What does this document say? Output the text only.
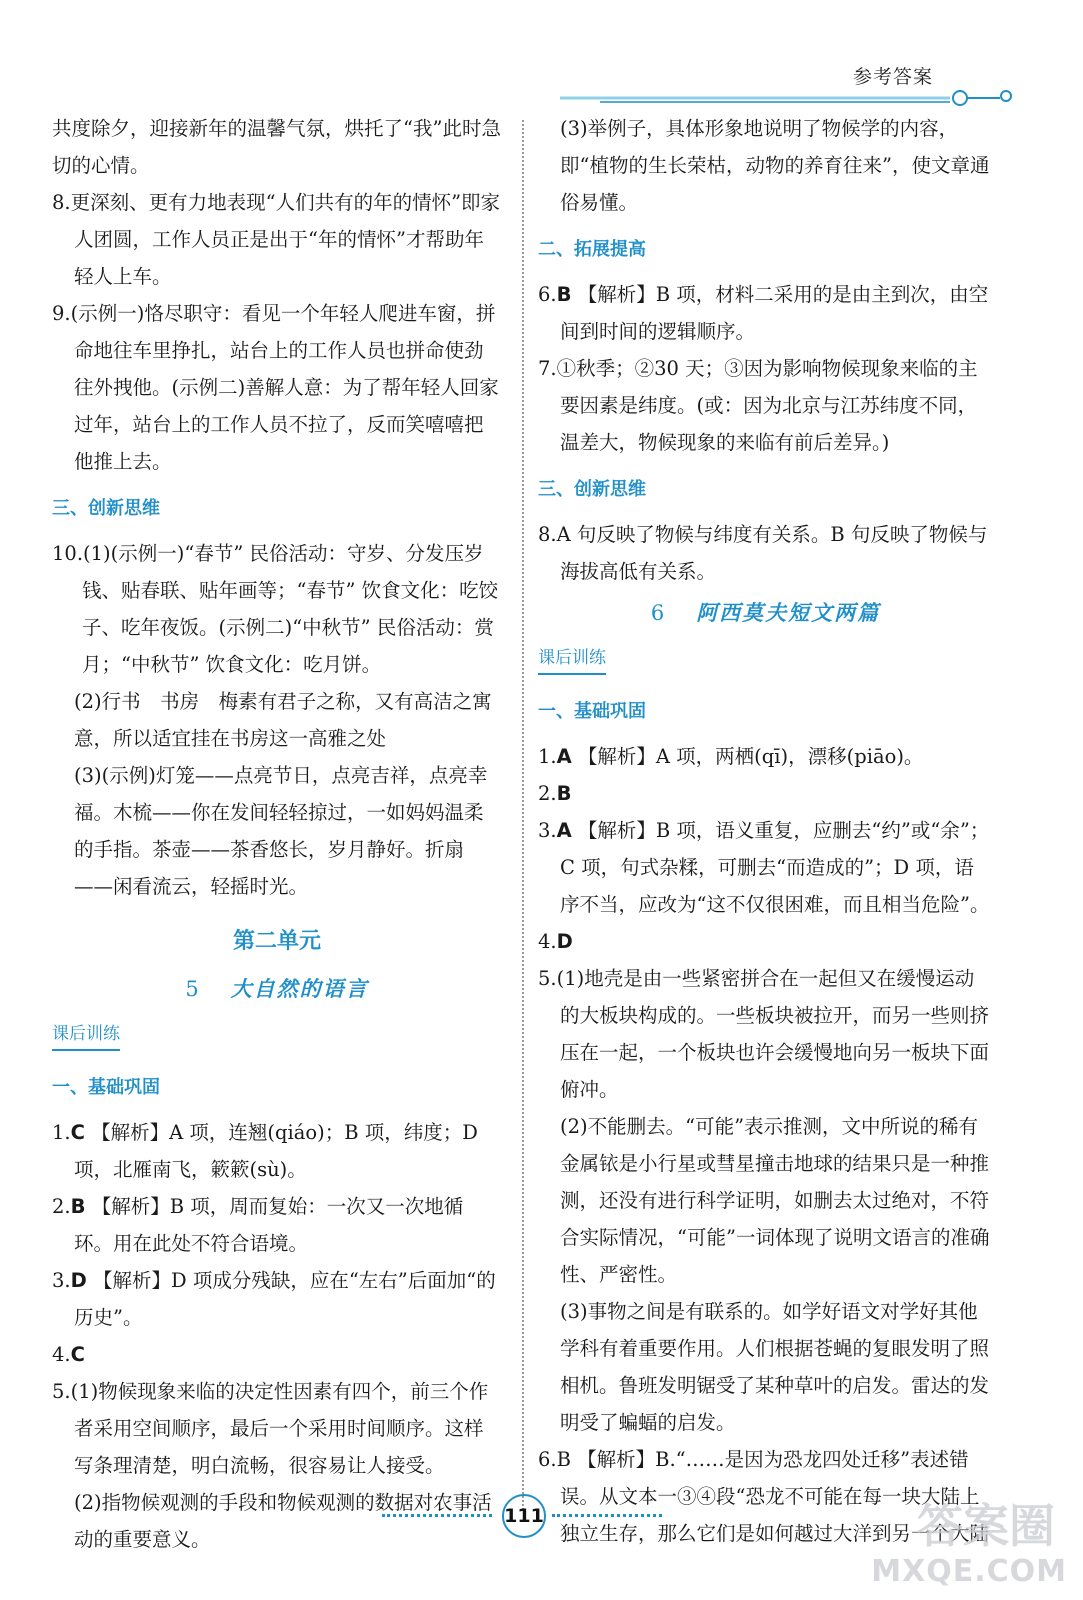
参考答案

共度除夕，迎接新年的温馨气氛，烘托了“我”此时急切的心情。

8.更深刻、更有力地表现“人们共有的年的情怀”即家人团圆，工作人员正是出于“年的情怀”才帮助年轻人上车。

9.(示例一)恪尽职守：看见一个年轻人爬进车窗，拼命地往车里挣扎，站台上的工作人员也拼命使劲往外拽他。(示例二)善解人意：为了帮年轻人回家过年，站台上的工作人员不拉了，反而笑嘻嘻把他推上去。

三、创新思维

10.(1)(示例一)“春节” 民俗活动：守岁、分发压岁钱、贴春联、贴年画等；“春节” 饮食文化：吃饺子、吃年夜饭。(示例二)“中秋节” 民俗活动：赏月；“中秋节” 饮食文化：吃月饼。

(2)行书　书房　梅素有君子之称，又有高洁之寓意，所以适宜挂在书房这一高雅之处

(3)(示例)灯笼——点亮节日，点亮吉祥，点亮幸福。木梳——你在发间轻轻掠过，一如妈妈温柔的手指。茶壶——茶香悠长，岁月静好。折扇——闲看流云，轻摇时光。

第二单元
5 大自然的语言
课后训练
一、基础巩固

1.C 【解析】A 项，连翘(qiáo)；B 项，纬度；D 项，北雁南飞，簌簌(sù)。

2.B 【解析】B 项，周而复始：一次又一次地循环。用在此处不符合语境。

3.D 【解析】D 项成分残缺，应在“左右”后面加“的历史”。

4.C

5.(1)物候现象来临的决定性因素有四个，前三个作者采用空间顺序，最后一个采用时间顺序。这样写条理清楚，明白流畅，很容易让人接受。

(2)指物候观测的手段和物候观测的数据对农事活动的重要意义。

(3)举例子，具体形象地说明了物候学的内容，即“植物的生长荣枯，动物的养育往来”，使文章通俗易懂。

二、拓展提高

6.B 【解析】B 项，材料二采用的是由主到次，由空间到时间的逻辑顺序。

7.①秋季；②30 天；③因为影响物候现象来临的主要因素是纬度。(或：因为北京与江苏纬度不同，温差大，物候现象的来临有前后差异。)

三、创新思维

8.A 句反映了物候与纬度有关系。B 句反映了物候与海拔高低有关系。

6 阿西莫夫短文两篇
课后训练
一、基础巩固

1.A 【解析】A 项，两栖(qī)，漂移(piāo)。

2.B

3.A 【解析】B 项，语义重复，应删去“约”或“余”；C 项，句式杂糅，可删去“而造成的”；D 项，语序不当，应改为“这不仅很困难，而且相当危险”。

4.D

5.(1)地壳是由一些紧密拼合在一起但又在缓慢运动的大板块构成的。一些板块被拉开，而另一些则挤压在一起，一个板块也许会缓慢地向另一板块下面俯冲。

(2)不能删去。“可能”表示推测，文中所说的稀有金属铱是小行星或彗星撞击地球的结果只是一种推测，还没有进行科学证明，如删去太过绝对，不符合实际情况，“可能”一词体现了说明文语言的准确性、严密性。

(3)事物之间是有联系的。如学好语文对学好其他学科有着重要作用。人们根据苍蝇的复眼发明了照相机。鲁班发明锯受了某种草叶的启发。雷达的发明受了蝙蝠的启发。

6.B 【解析】B.“……是因为恐龙四处迁移”表述错误。从文本一③④段“恐龙不可能在每一块大陆上独立生存，那么它们是如何越过大洋到另一个大陆

111	答案圈
MXQE.COM
